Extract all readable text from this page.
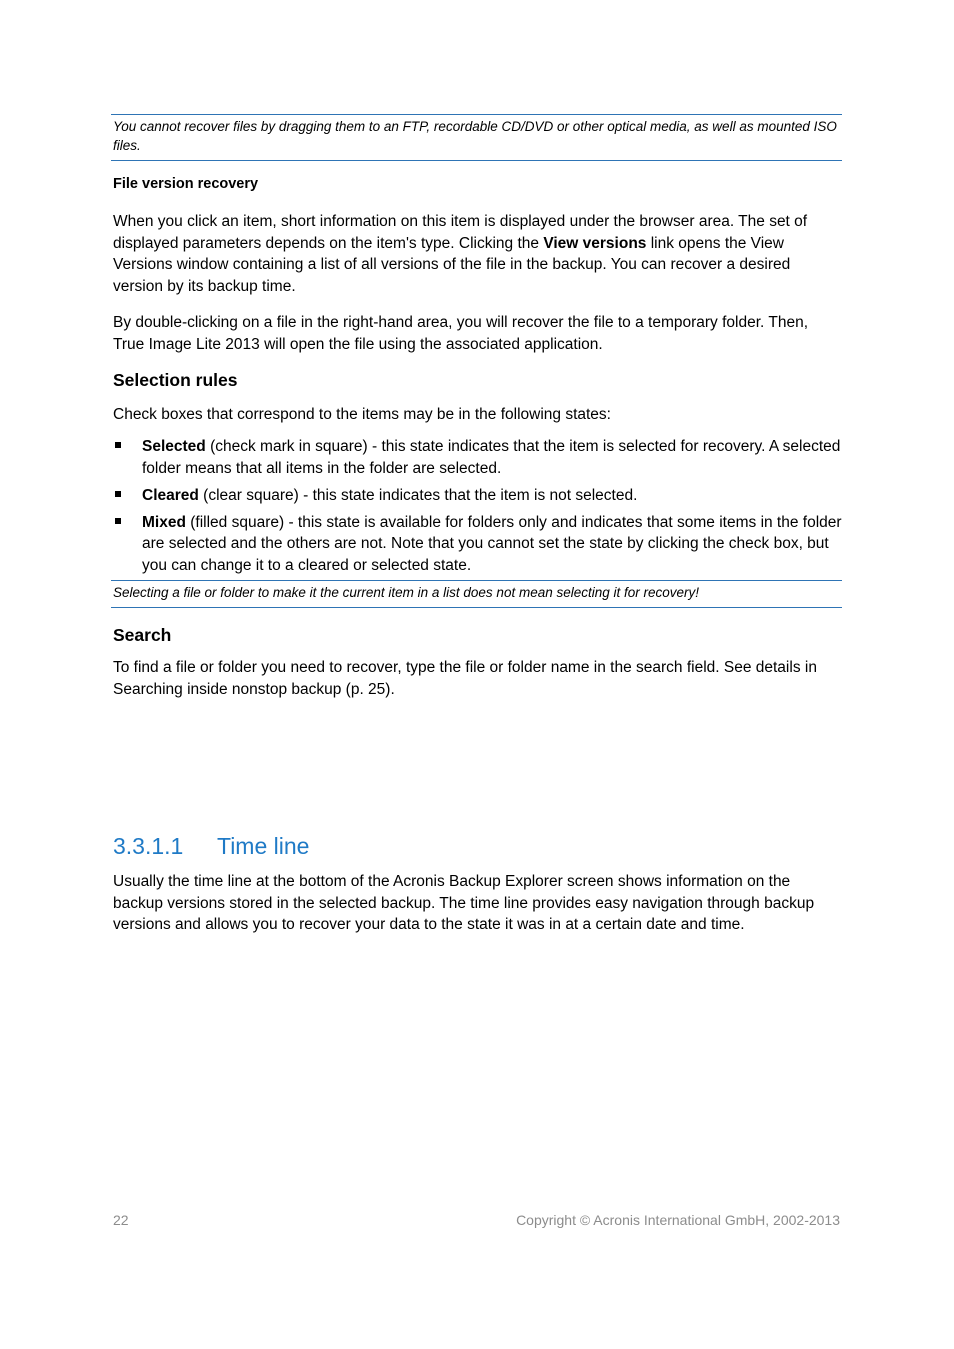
You cannot recover files by dragging them to an FTP, recordable CD/DVD or other optical media, as well as mounted ISO files.
File version recovery

When you click an item, short information on this item is displayed under the browser area. The set of displayed parameters depends on the item's type. Clicking the View versions link opens the View Versions window containing a list of all versions of the file in the backup. You can recover a desired version by its backup time.

By double-clicking on a file in the right-hand area, you will recover the file to a temporary folder. Then, True Image Lite 2013 will open the file using the associated application.

Selection rules

Check boxes that correspond to the items may be in the following states:

Selected (check mark in square) - this state indicates that the item is selected for recovery. A selected folder means that all items in the folder are selected.
Cleared (clear square) - this state indicates that the item is not selected.
Mixed (filled square) - this state is available for folders only and indicates that some items in the folder are selected and the others are not. Note that you cannot set the state by clicking the check box, but you can change it to a cleared or selected state.
Selecting a file or folder to make it the current item in a list does not mean selecting it for recovery!
Search

To find a file or folder you need to recover, type the file or folder name in the search field. See details in Searching inside nonstop backup (p. 25).

3.3.1.1 Time line

Usually the time line at the bottom of the Acronis Backup Explorer screen shows information on the backup versions stored in the selected backup. The time line provides easy navigation through backup versions and allows you to recover your data to the state it was in at a certain date and time.

22	Copyright © Acronis International GmbH, 2002-2013
